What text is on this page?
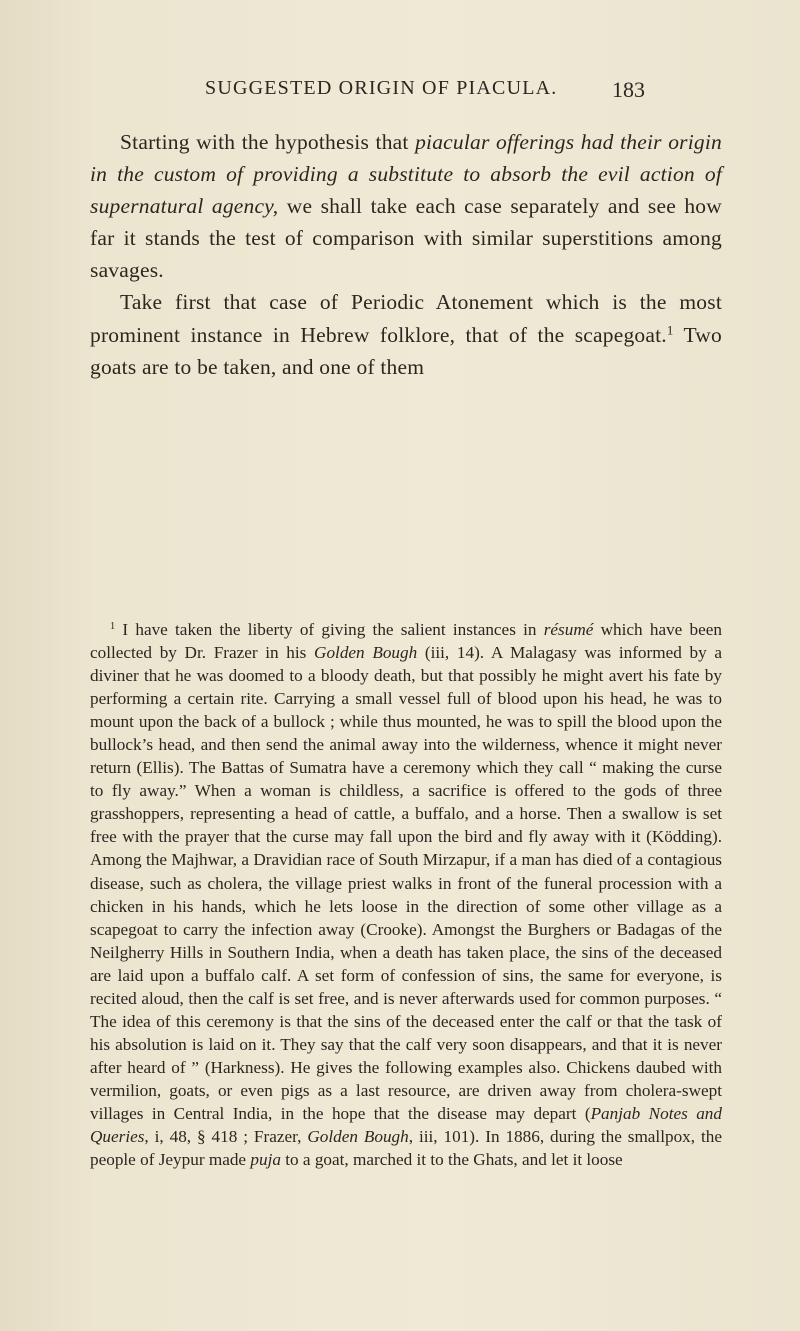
SUGGESTED ORIGIN OF PIACULA. 183

Starting with the hypothesis that piacular offerings had their origin in the custom of providing a substitute to absorb the evil action of supernatural agency, we shall take each case separately and see how far it stands the test of comparison with similar superstitions among savages.

Take first that case of Periodic Atonement which is the most prominent instance in Hebrew folklore, that of the scapegoat.$^1$ Two goats are to be taken, and one of them

$^1$ I have taken the liberty of giving the salient instances in résumé which have been collected by Dr. Frazer in his Golden Bough (iii, 14). A Malagasy was informed by a diviner that he was doomed to a bloody death, but that possibly he might avert his fate by performing a certain rite. Carrying a small vessel full of blood upon his head, he was to mount upon the back of a bullock ; while thus mounted, he was to spill the blood upon the bullock’s head, and then send the animal away into the wilderness, whence it might never return (Ellis). The Battas of Sumatra have a ceremony which they call “ making the curse to fly away.” When a woman is childless, a sacrifice is offered to the gods of three grasshoppers, representing a head of cattle, a buffalo, and a horse. Then a swallow is set free with the prayer that the curse may fall upon the bird and fly away with it (Ködding). Among the Majhwar, a Dravidian race of South Mirzapur, if a man has died of a contagious disease, such as cholera, the village priest walks in front of the funeral procession with a chicken in his hands, which he lets loose in the direction of some other village as a scapegoat to carry the infection away (Crooke). Amongst the Burghers or Badagas of the Neilgherry Hills in Southern India, when a death has taken place, the sins of the deceased are laid upon a buffalo calf. A set form of confession of sins, the same for everyone, is recited aloud, then the calf is set free, and is never afterwards used for common purposes. “ The idea of this ceremony is that the sins of the deceased enter the calf or that the task of his absolution is laid on it. They say that the calf very soon disappears, and that it is never after heard of ” (Harkness). He gives the following examples also. Chickens daubed with vermilion, goats, or even pigs as a last resource, are driven away from cholera-swept villages in Central India, in the hope that the disease may depart (Panjab Notes and Queries, i, 48, § 418 ; Frazer, Golden Bough, iii, 101). In 1886, during the smallpox, the people of Jeypur made puja to a goat, marched it to the Ghats, and let it loose
